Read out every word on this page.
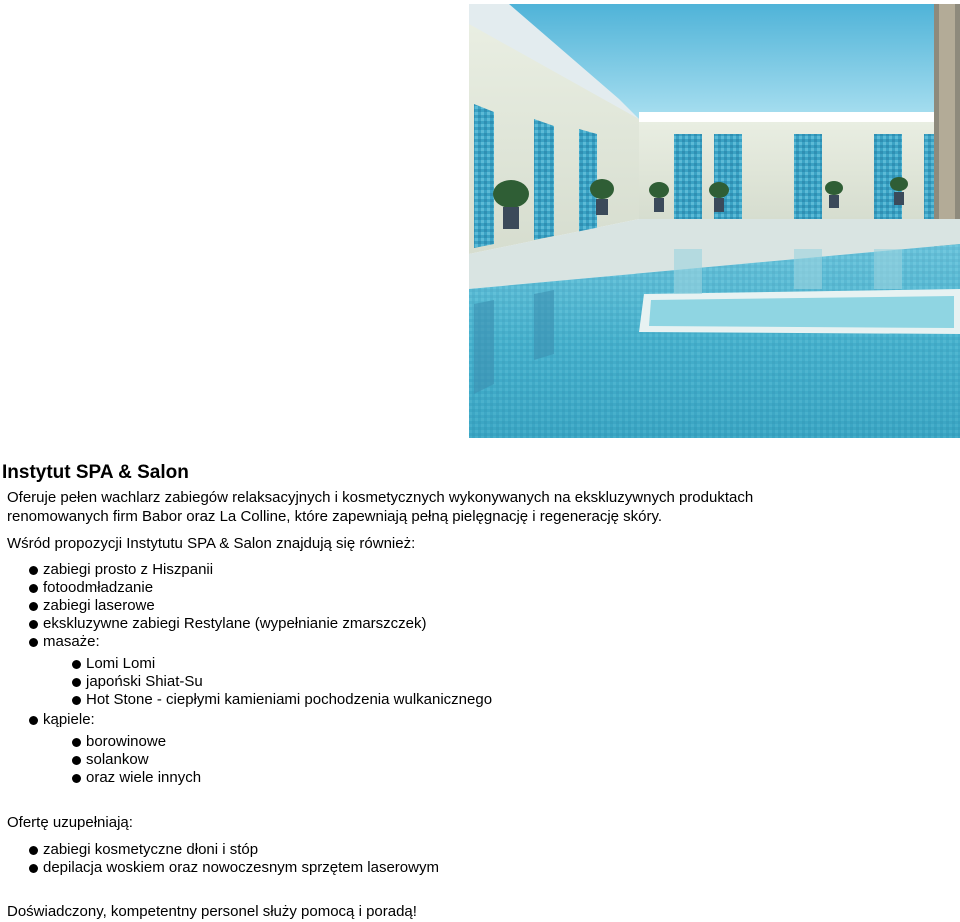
Instytut SPA & Salon

Oferuje pełen wachlarz zabiegów relaksacyjnych i kosmetycznych wykonywanych na ekskluzywnych produktach
renomowanych firm Babor oraz La Colline, które zapewniają pełną pielęgnację i regenerację skóry.

Wśród propozycji Instytutu SPA & Salon znajdują się również:

zabiegi prosto z Hiszpanii
fotoodmładzanie
zabiegi laserowe
ekskluzywne zabiegi Restylane (wypełnianie zmarszczek)
masaże:
Lomi Lomi
japoński Shiat-Su
Hot Stone - ciepłymi kamieniami pochodzenia wulkanicznego
kąpiele:
borowinowe
solankow
oraz wiele innych

Ofertę uzupełniają:

zabiegi kosmetyczne dłoni i stóp
depilacja woskiem oraz nowoczesnym sprzętem laserowym

Doświadczony, kompetentny personel służy pomocą i poradą!
